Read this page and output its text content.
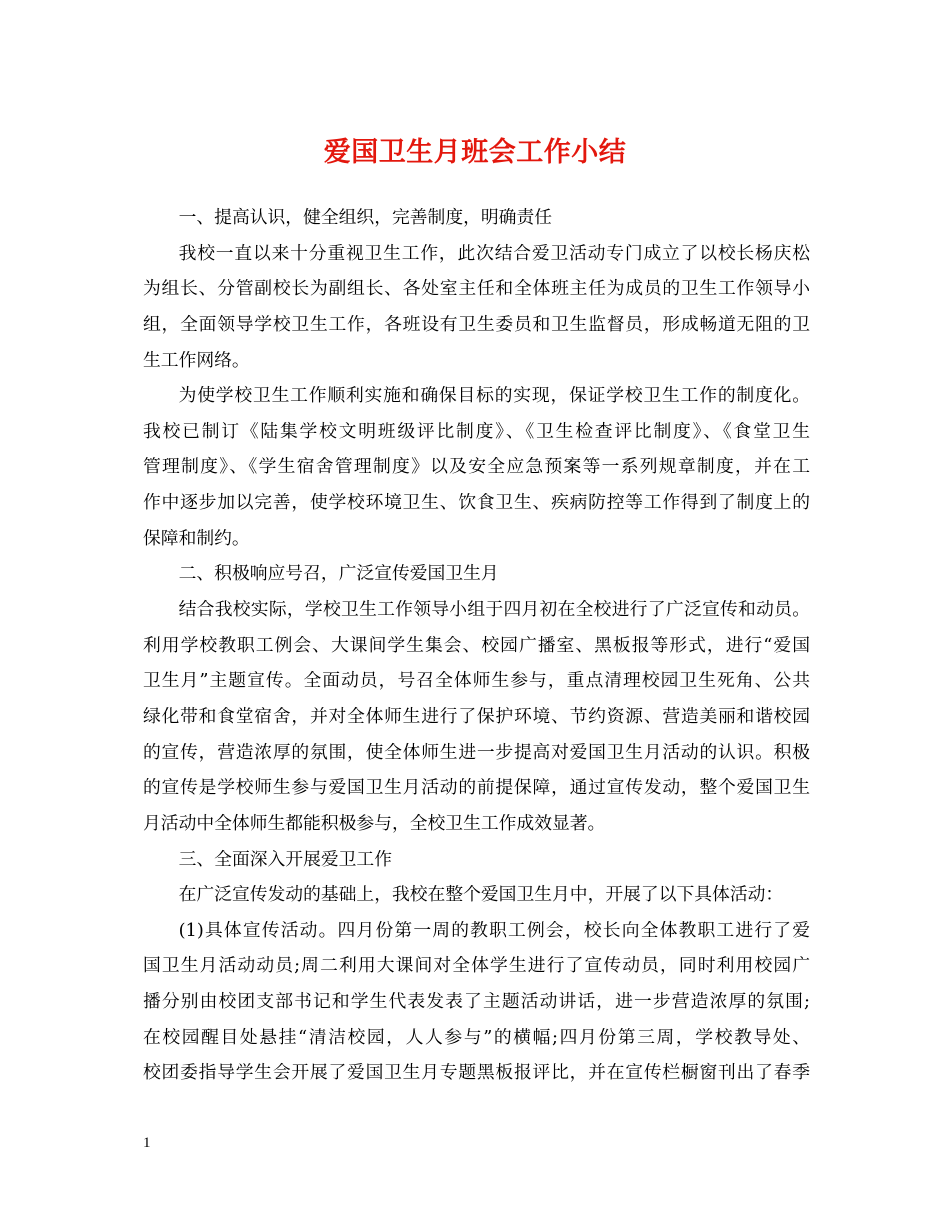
爱国卫生月班会工作小结
一、提高认识，健全组织，完善制度，明确责任
我校一直以来十分重视卫生工作，此次结合爱卫活动专门成立了以校长杨庆松
为组长、分管副校长为副组长、各处室主任和全体班主任为成员的卫生工作领导小
组，全面领导学校卫生工作，各班设有卫生委员和卫生监督员，形成畅道无阻的卫
生工作网络。
为使学校卫生工作顺利实施和确保目标的实现，保证学校卫生工作的制度化。
我校已制订《陆集学校文明班级评比制度》、《卫生检查评比制度》、《食堂卫生
管理制度》、《学生宿舍管理制度》以及安全应急预案等一系列规章制度，并在工
作中逐步加以完善，使学校环境卫生、饮食卫生、疾病防控等工作得到了制度上的
保障和制约。
二、积极响应号召，广泛宣传爱国卫生月
结合我校实际，学校卫生工作领导小组于四月初在全校进行了广泛宣传和动员。
利用学校教职工例会、大课间学生集会、校园广播室、黑板报等形式，进行“爱国
卫生月”主题宣传。全面动员，号召全体师生参与，重点清理校园卫生死角、公共
绿化带和食堂宿舍，并对全体师生进行了保护环境、节约资源、营造美丽和谐校园
的宣传，营造浓厚的氛围，使全体师生进一步提高对爱国卫生月活动的认识。积极
的宣传是学校师生参与爱国卫生月活动的前提保障，通过宣传发动，整个爱国卫生
月活动中全体师生都能积极参与，全校卫生工作成效显著。
三、全面深入开展爱卫工作
在广泛宣传发动的基础上，我校在整个爱国卫生月中，开展了以下具体活动：
(1)具体宣传活动。四月份第一周的教职工例会，校长向全体教职工进行了爱
国卫生月活动动员;周二利用大课间对全体学生进行了宣传动员，同时利用校园广
播分别由校团支部书记和学生代表发表了主题活动讲话，进一步营造浓厚的氛围;
在校园醒目处悬挂“清洁校园，人人参与”的横幅;四月份第三周，学校教导处、
校团委指导学生会开展了爱国卫生月专题黑板报评比，并在宣传栏橱窗刊出了春季
1
